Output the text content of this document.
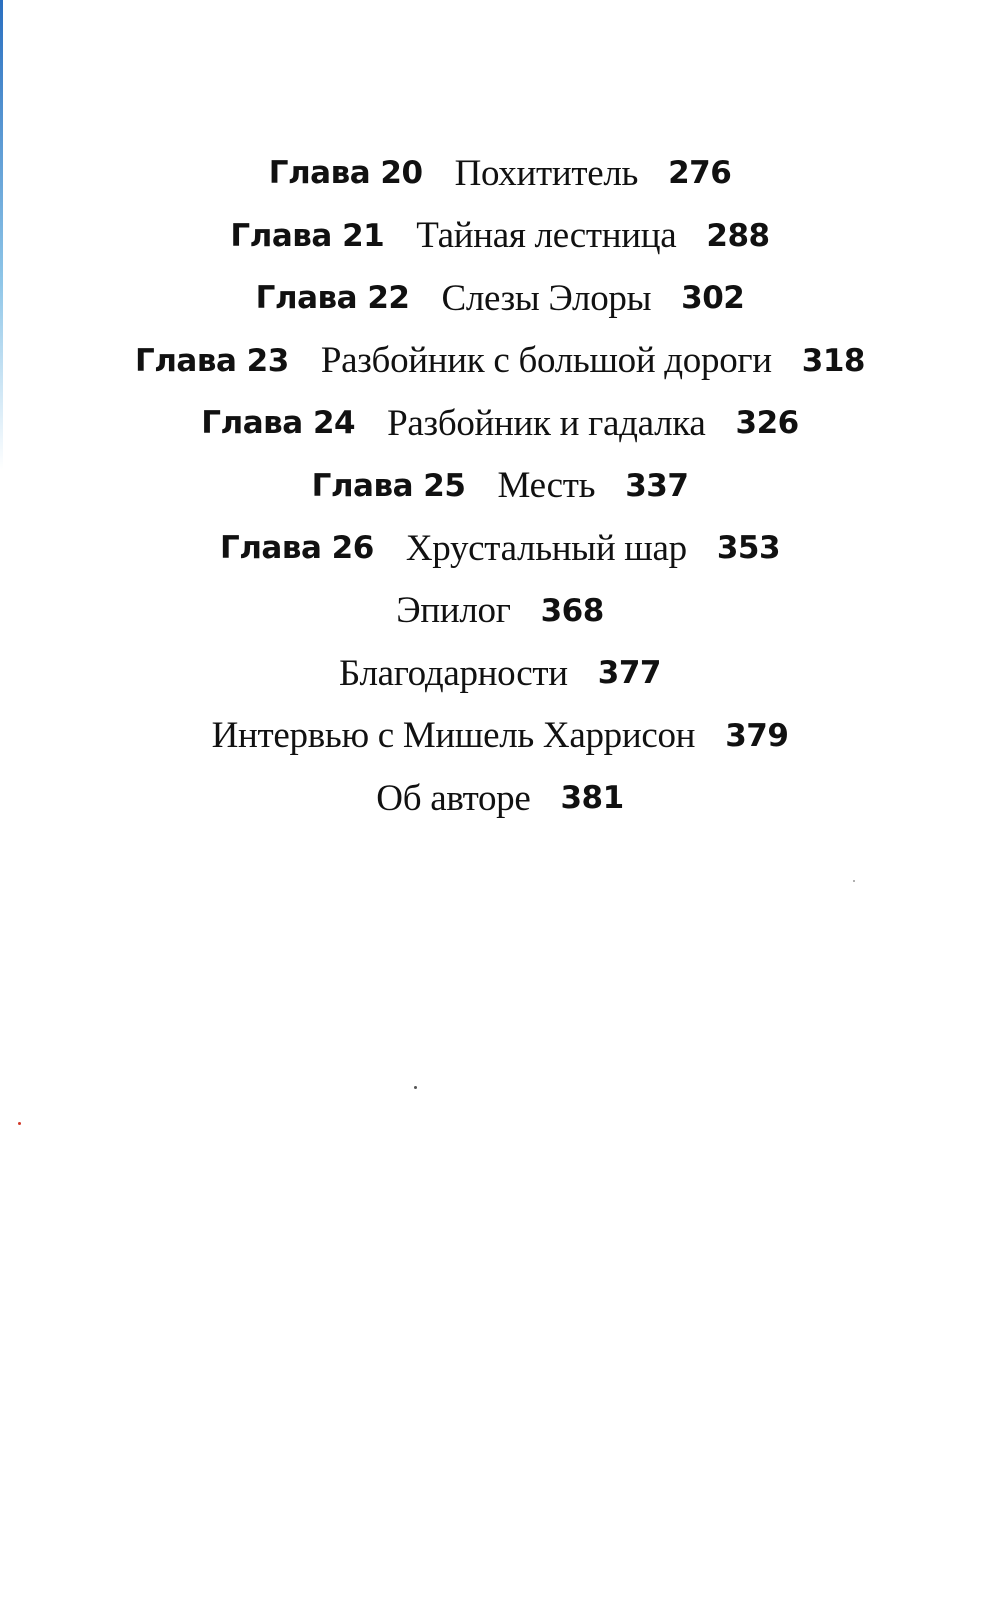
Глава 20 Похититель 276
Глава 21 Тайная лестница 288
Глава 22 Слезы Элоры 302
Глава 23 Разбойник с большой дороги 318
Глава 24 Разбойник и гадалка 326
Глава 25 Месть 337
Глава 26 Хрустальный шар 353
Эпилог 368
Благодарности 377
Интервью с Мишель Харрисон 379
Об авторе 381
